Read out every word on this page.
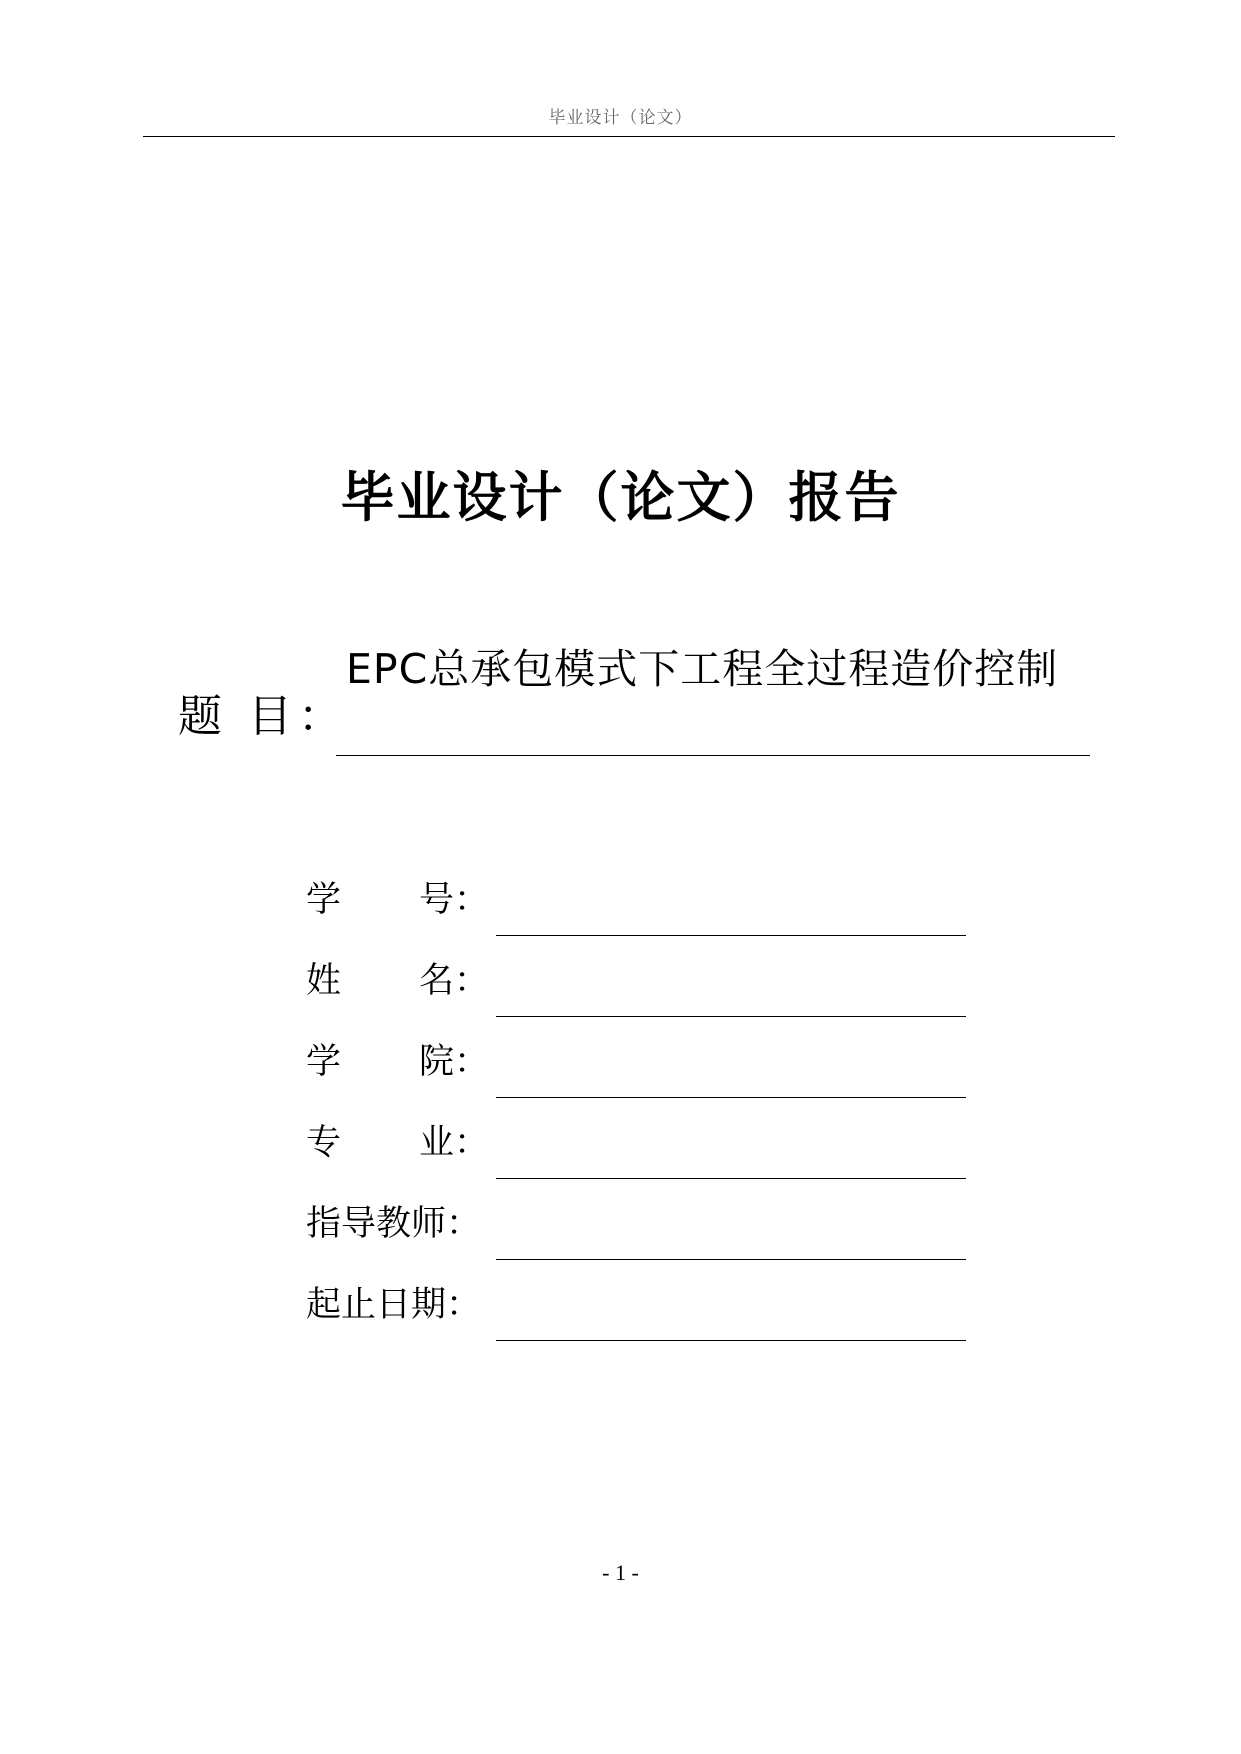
毕业设计（论文）
毕业设计（论文）报告
题 目：
EPC总承包模式下工程全过程造价控制
学 号：
姓 名：
学 院：
专 业：
指导教师：
起止日期：
- 1 -
